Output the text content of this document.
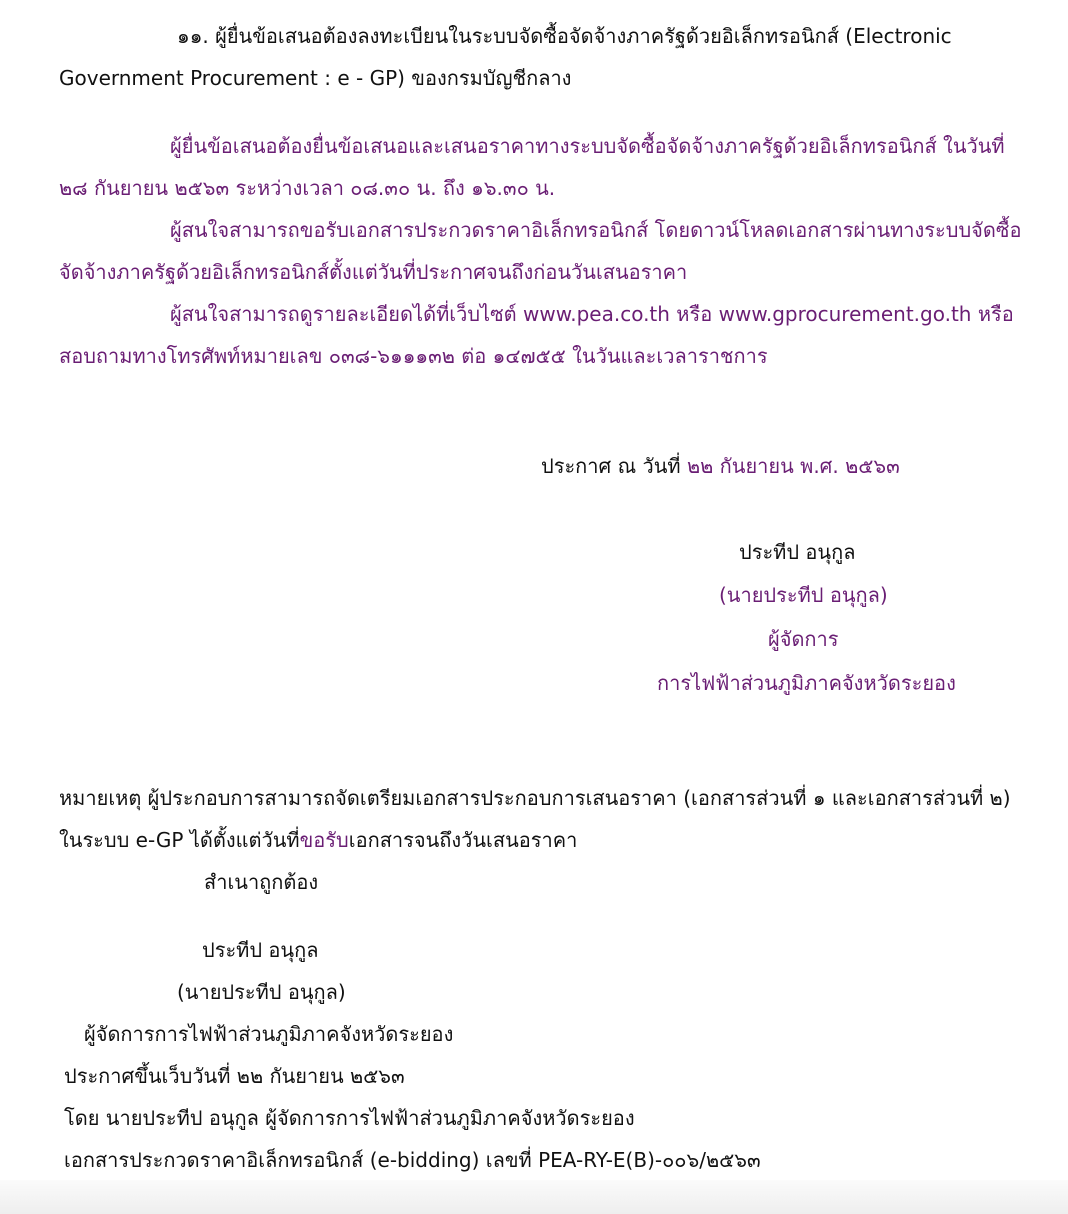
๑๑. ผู้ยื่นข้อเสนอต้องลงทะเบียนในระบบจัดซื้อจัดจ้างภาครัฐด้วยอิเล็กทรอนิกส์ (Electronic
Government Procurement : e - GP) ของกรมบัญชีกลาง
ผู้ยื่นข้อเสนอต้องยื่นข้อเสนอและเสนอราคาทางระบบจัดซื้อจัดจ้างภาครัฐด้วยอิเล็กทรอนิกส์ ในวันที่
๒๘ กันยายน ๒๕๖๓ ระหว่างเวลา ๐๘.๓๐ น. ถึง ๑๖.๓๐ น.
ผู้สนใจสามารถขอรับเอกสารประกวดราคาอิเล็กทรอนิกส์ โดยดาวน์โหลดเอกสารผ่านทางระบบจัดซื้อ
จัดจ้างภาครัฐด้วยอิเล็กทรอนิกส์ตั้งแต่วันที่ประกาศจนถึงก่อนวันเสนอราคา
ผู้สนใจสามารถดูรายละเอียดได้ที่เว็บไซต์ www.pea.co.th หรือ www.gprocurement.go.th หรือ
สอบถามทางโทรศัพท์หมายเลข ๐๓๘-๖๑๑๑๓๒ ต่อ ๑๔๗๕๕ ในวันและเวลาราชการ
ประกาศ ณ วันที่ ๒๒ กันยายน พ.ศ. ๒๕๖๓
ประทีป อนุกูล
(นายประทีป อนุกูล)
ผู้จัดการ
การไฟฟ้าส่วนภูมิภาคจังหวัดระยอง
หมายเหตุ ผู้ประกอบการสามารถจัดเตรียมเอกสารประกอบการเสนอราคา (เอกสารส่วนที่ ๑ และเอกสารส่วนที่ ๒)
ในระบบ e-GP ได้ตั้งแต่วันที่ขอรับเอกสารจนถึงวันเสนอราคา
สำเนาถูกต้อง
ประทีป อนุกูล
(นายประทีป อนุกูล)
ผู้จัดการการไฟฟ้าส่วนภูมิภาคจังหวัดระยอง
ประกาศขึ้นเว็บวันที่ ๒๒ กันยายน ๒๕๖๓
โดย นายประทีป อนุกูล ผู้จัดการการไฟฟ้าส่วนภูมิภาคจังหวัดระยอง
เอกสารประกวดราคาอิเล็กทรอนิกส์ (e-bidding) เลขที่ PEA-RY-E(B)-๐๐๖/๒๕๖๓
